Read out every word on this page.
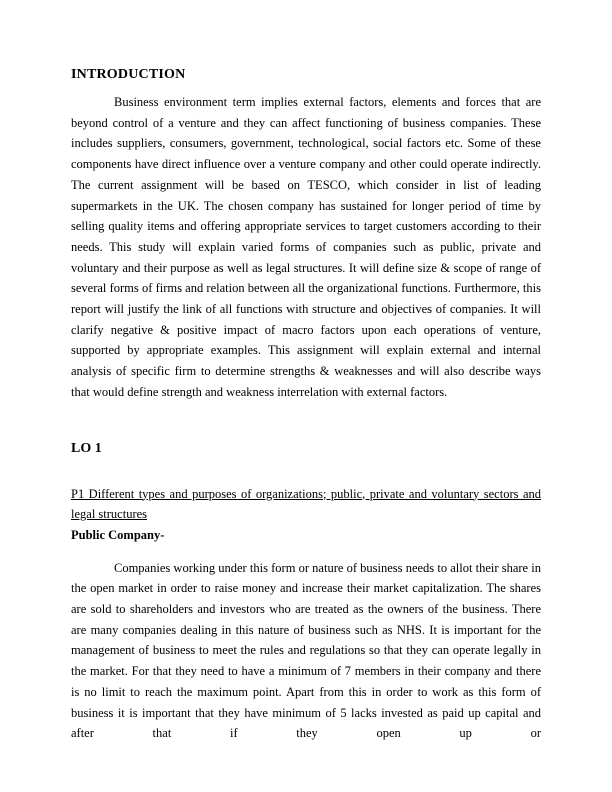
INTRODUCTION

Business environment term implies external factors, elements and forces that are beyond control of a venture and they can affect functioning of business companies. These includes suppliers, consumers, government, technological, social factors etc. Some of these components have direct influence over a venture company and other could operate indirectly. The current assignment will be based on TESCO, which consider in list of leading supermarkets in the UK. The chosen company has sustained for longer period of time by selling quality items and offering appropriate services to target customers according to their needs. This study will explain varied forms of companies such as public, private and voluntary and their purpose as well as legal structures. It will define size & scope of range of several forms of firms and relation between all the organizational functions. Furthermore, this report will justify the link of all functions with structure and objectives of companies. It will clarify negative & positive impact of macro factors upon each operations of venture, supported by appropriate examples. This assignment will explain external and internal analysis of specific firm to determine strengths & weaknesses and will also describe ways that would define strength and weakness interrelation with external factors.

LO 1

P1 Different types and purposes of organizations; public, private and voluntary sectors and legal structures

Public Company-

Companies working under this form or nature of business needs to allot their share in the open market in order to raise money and increase their market capitalization. The shares are sold to shareholders and investors who are treated as the owners of the business. There are many companies dealing in this nature of business such as NHS. It is important for the management of business to meet the rules and regulations so that they can operate legally in the market. For that they need to have a minimum of 7 members in their company and there is no limit to reach the maximum point. Apart from this in order to work as this form of business it is important that they have minimum of 5 lacks invested as paid up capital and after that if they open up or
